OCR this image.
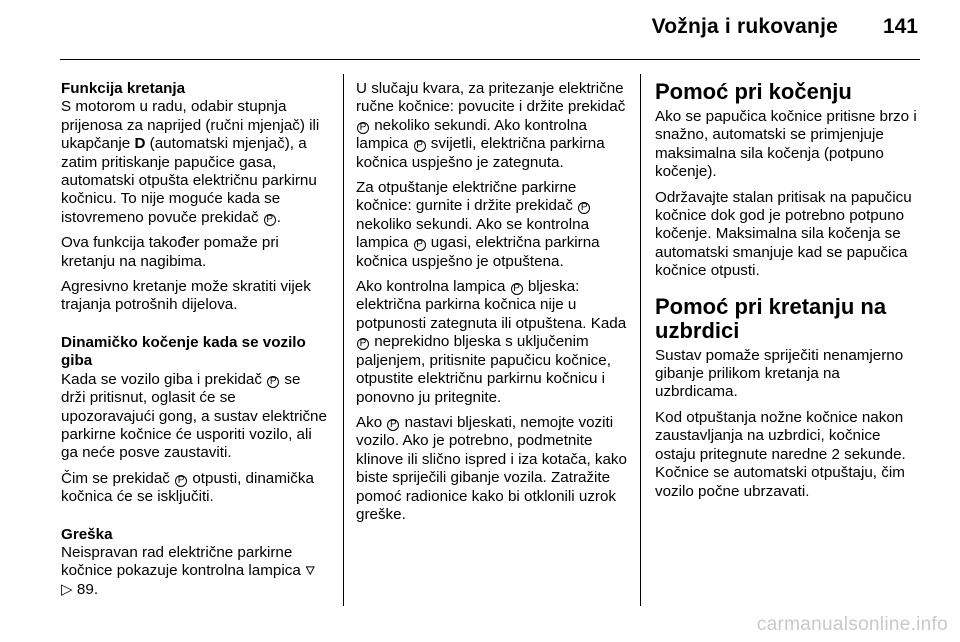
Vožnja i rukovanje 141
Funkcija kretanja

S motorom u radu, odabir stupnja prijenosa za naprijed (ručni mjenjač) ili ukapčanje D (automatski mjenjač), a zatim pritiskanje papučice gasa, automatski otpušta električnu parkirnu kočnicu. To nije moguće kada se istovremeno povuče prekidač P .

Ova funkcija također pomaže pri kretanju na nagibima.

Agresivno kretanje može skratiti vijek trajanja potrošnih dijelova.

Dinamičko kočenje kada se vozilo giba

Kada se vozilo giba i prekidač P se drži pritisnut, oglasit će se upozoravajući gong, a sustav električne parkirne kočnice će usporiti vozilo, ali ga neće posve zaustaviti.

Čim se prekidač P otpusti, dinamička kočnica će se isključiti.

Greška

Neispravan rad električne parkirne kočnice pokazuje kontrolna lampica 🜄 ▷ 89.

U slučaju kvara, za pritezanje električne ručne kočnice: povucite i držite prekidač P nekoliko sekundi. Ako kontrolna lampica P svijetli, električna parkirna kočnica uspješno je zategnuta.

Za otpuštanje električne parkirne kočnice: gurnite i držite prekidač P nekoliko sekundi. Ako se kontrolna lampica P ugasi, električna parkirna kočnica uspješno je otpuštena.

Ako kontrolna lampica P bljeska: električna parkirna kočnica nije u potpunosti zategnuta ili otpuštena. Kada P neprekidno bljeska s uključenim paljenjem, pritisnite papučicu kočnice, otpustite električnu parkirnu kočnicu i ponovno ju pritegnite.

Ako P nastavi bljeskati, nemojte voziti vozilo. Ako je potrebno, podmetnite klinove ili slično ispred i iza kotača, kako biste spriječili gibanje vozila. Zatražite pomoć radionice kako bi otklonili uzrok greške.

Pomoć pri kočenju

Ako se papučica kočnice pritisne brzo i snažno, automatski se primjenjuje maksimalna sila kočenja (potpuno kočenje).

Održavajte stalan pritisak na papučicu kočnice dok god je potrebno potpuno kočenje. Maksimalna sila kočenja se automatski smanjuje kad se papučica kočnice otpusti.

Pomoć pri kretanju na uzbrdici

Sustav pomaže spriječiti nenamjerno gibanje prilikom kretanja na uzbrdicama.

Kod otpuštanja nožne kočnice nakon zaustavljanja na uzbrdici, kočnice ostaju pritegnute naredne 2 sekunde. Kočnice se automatski otpuštaju, čim vozilo počne ubrzavati.

carmanualsonline.info
